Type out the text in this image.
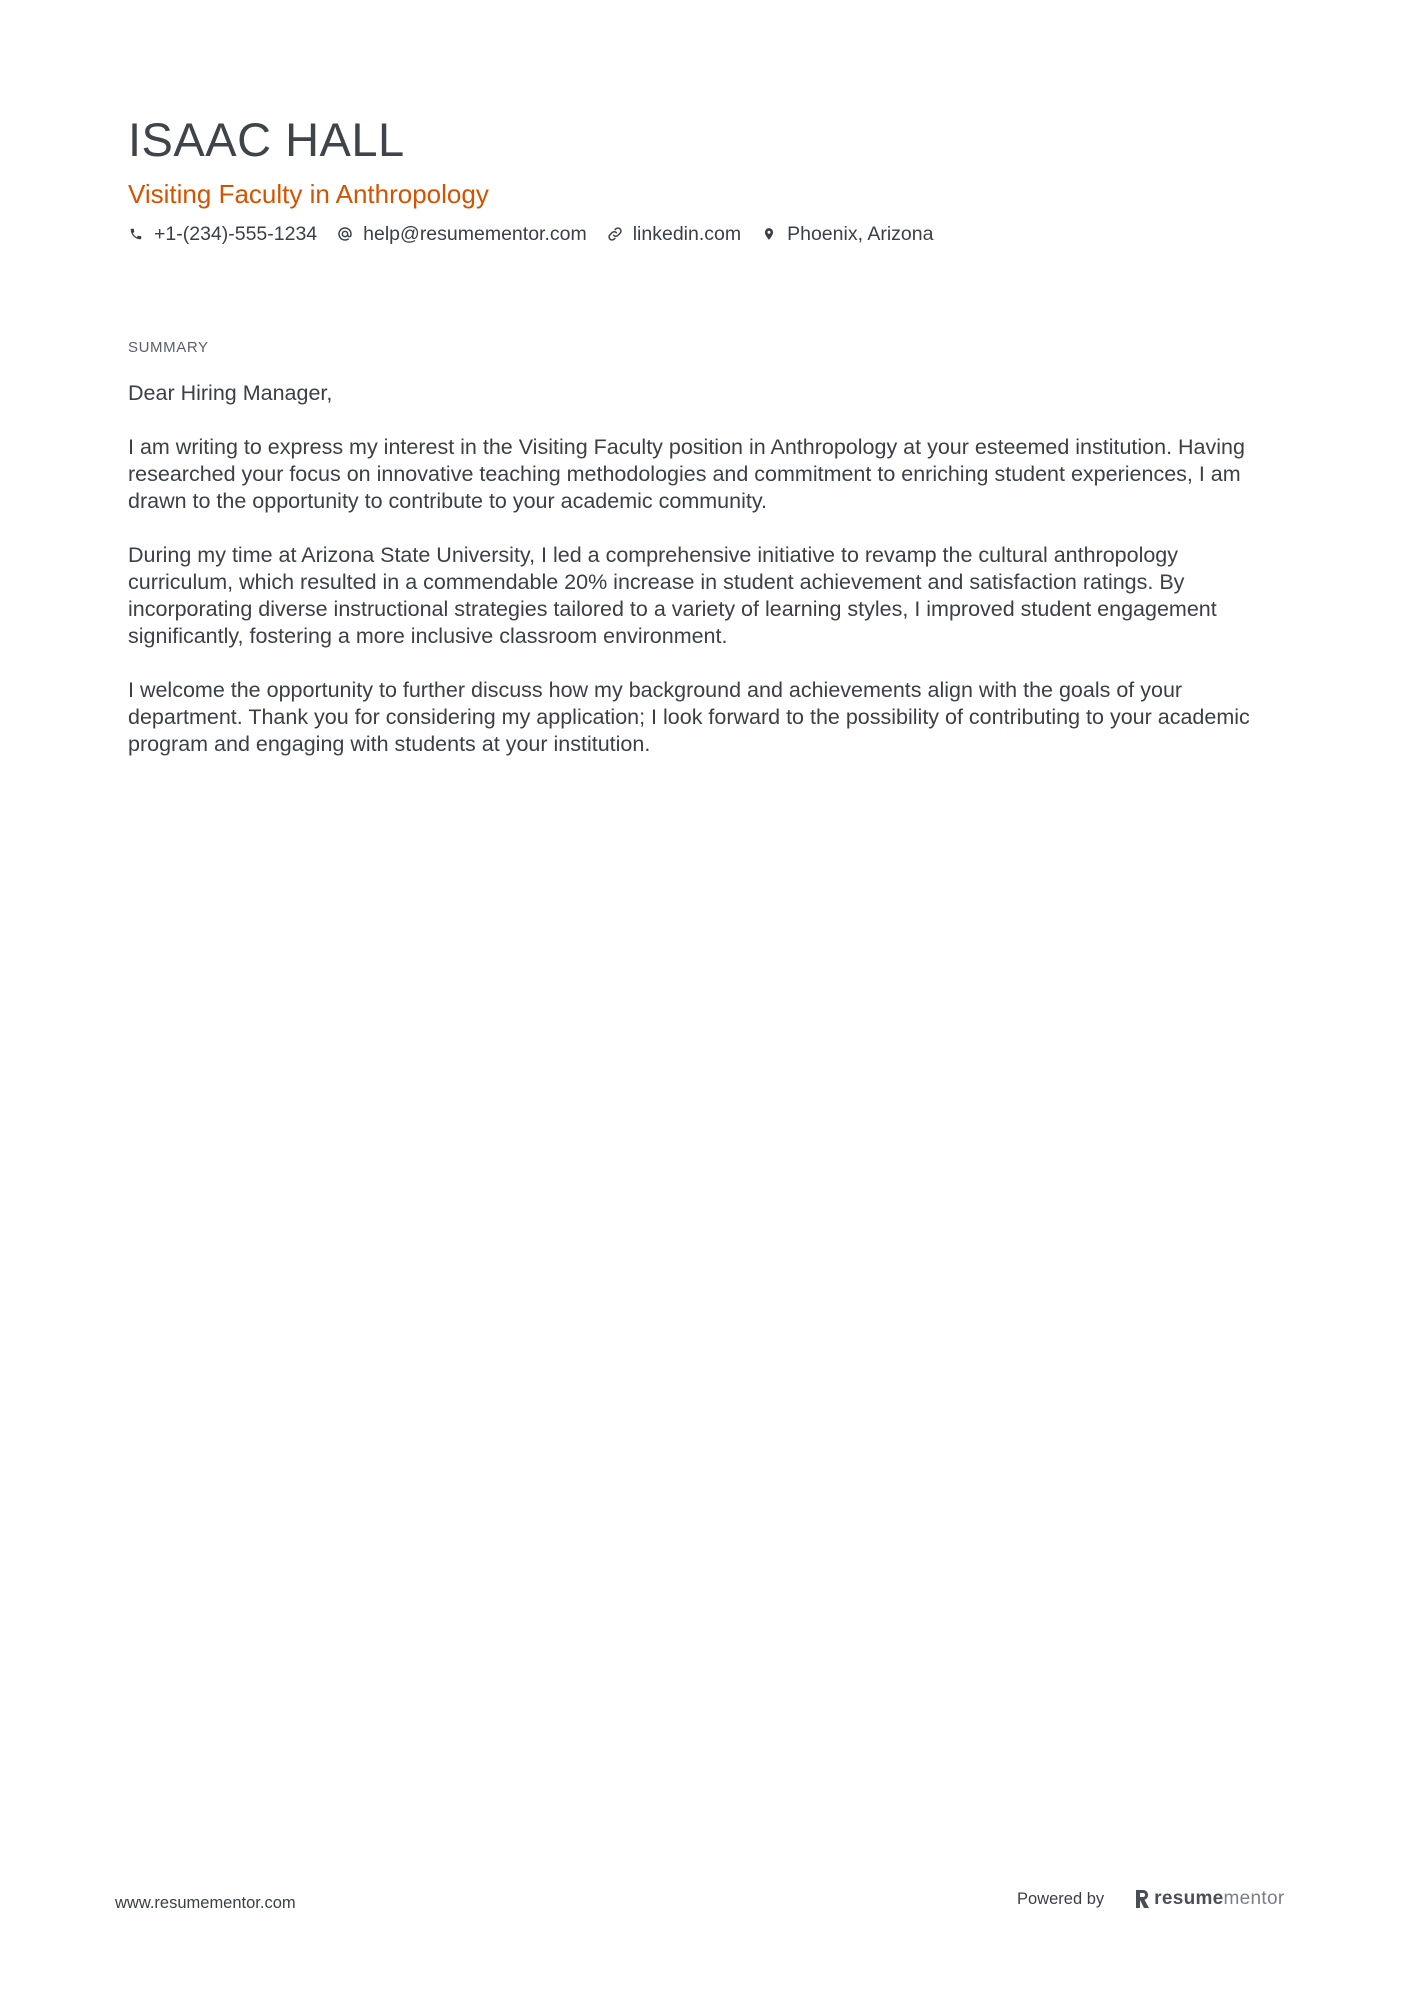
ISAAC HALL
Visiting Faculty in Anthropology
+1-(234)-555-1234 help@resumementor.com linkedin.com Phoenix, Arizona
SUMMARY

Dear Hiring Manager,

I am writing to express my interest in the Visiting Faculty position in Anthropology at your esteemed institution. Having researched your focus on innovative teaching methodologies and commitment to enriching student experiences, I am drawn to the opportunity to contribute to your academic community.

During my time at Arizona State University, I led a comprehensive initiative to revamp the cultural anthropology curriculum, which resulted in a commendable 20% increase in student achievement and satisfaction ratings. By incorporating diverse instructional strategies tailored to a variety of learning styles, I improved student engagement significantly, fostering a more inclusive classroom environment.

I welcome the opportunity to further discuss how my background and achievements align with the goals of your department. Thank you for considering my application; I look forward to the possibility of contributing to your academic program and engaging with students at your institution.

www.resumementor.com	Powered by	resumementor
